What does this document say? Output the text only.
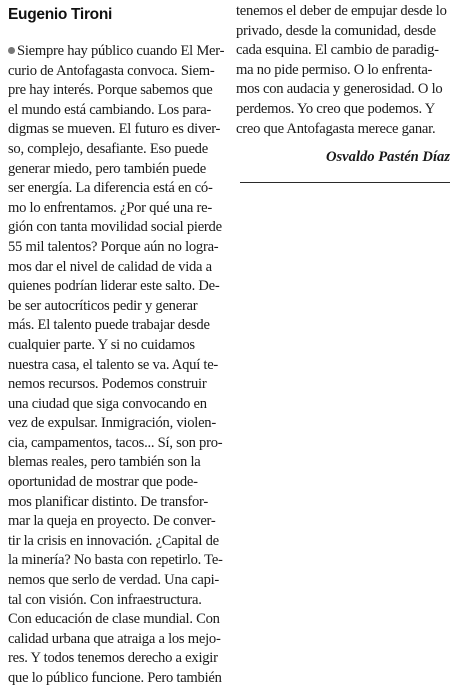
Eugenio Tironi
Siempre hay público cuando El Mer-
curio de Antofagasta convoca. Siem-
pre hay interés. Porque sabemos que
el mundo está cambiando. Los para-
digmas se mueven. El futuro es diver-
so, complejo, desafiante. Eso puede
generar miedo, pero también puede
ser energía. La diferencia está en có-
mo lo enfrentamos. ¿Por qué una re-
gión con tanta movilidad social pierde
55 mil talentos? Porque aún no logra-
mos dar el nivel de calidad de vida a
quienes podrían liderar este salto. De-
be ser autocríticos pedir y generar
más. El talento puede trabajar desde
cualquier parte. Y si no cuidamos
nuestra casa, el talento se va. Aquí te-
nemos recursos. Podemos construir
una ciudad que siga convocando en
vez de expulsar. Inmigración, violen-
cia, campamentos, tacos... Sí, son pro-
blemas reales, pero también son la
oportunidad de mostrar que pode-
mos planificar distinto. De transfor-
mar la queja en proyecto. De conver-
tir la crisis en innovación. ¿Capital de
la minería? No basta con repetirlo. Te-
nemos que serlo de verdad. Una capi-
tal con visión. Con infraestructura.
Con educación de clase mundial. Con
calidad urbana que atraiga a los mejo-
res. Y todos tenemos derecho a exigir
que lo público funcione. Pero también
tenemos el deber de empujar desde lo
privado, desde la comunidad, desde
cada esquina. El cambio de paradig-
ma no pide permiso. O lo enfrenta-
mos con audacia y generosidad. O lo
perdemos. Yo creo que podemos. Y
creo que Antofagasta merece ganar.
Osvaldo Pastén Díaz
